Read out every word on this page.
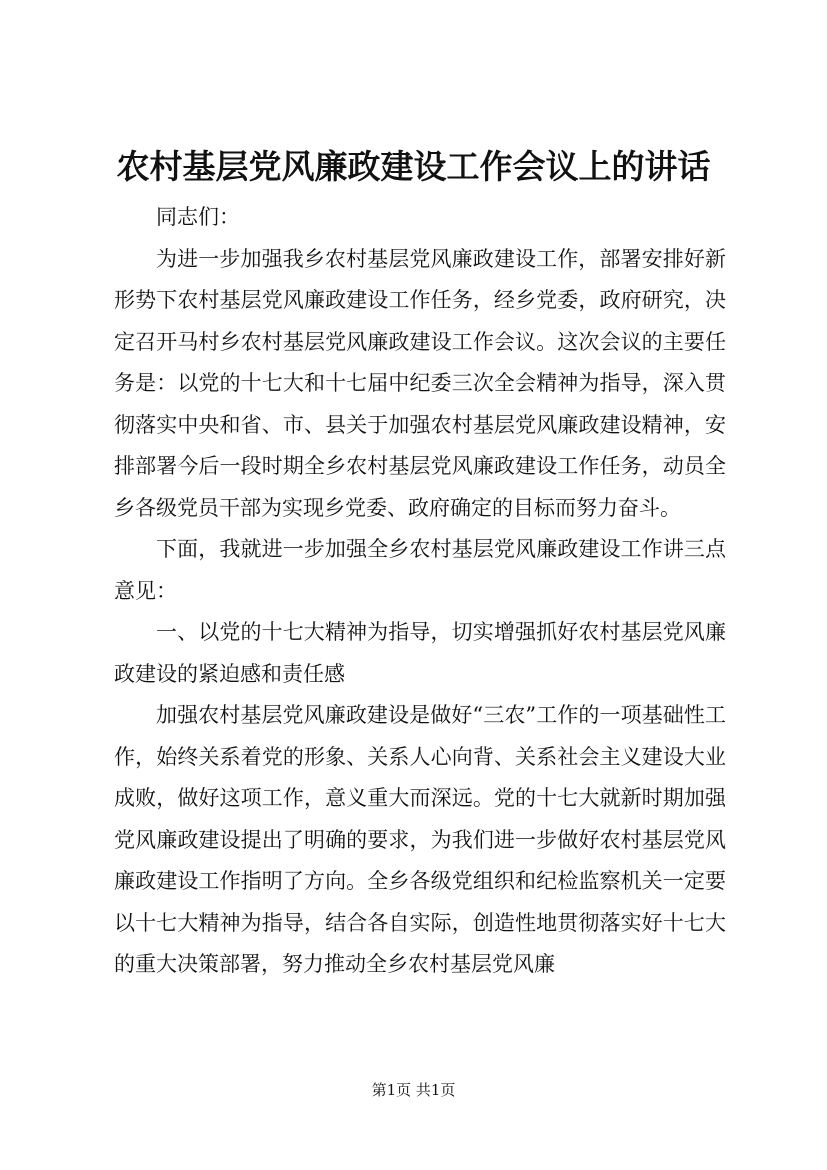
农村基层党风廉政建设工作会议上的讲话

同志们：

为进一步加强我乡农村基层党风廉政建设工作，部署安排好新形势下农村基层党风廉政建设工作任务，经乡党委，政府研究，决定召开马村乡农村基层党风廉政建设工作会议。这次会议的主要任务是：以党的十七大和十七届中纪委三次全会精神为指导，深入贯彻落实中央和省、市、县关于加强农村基层党风廉政建设精神，安排部署今后一段时期全乡农村基层党风廉政建设工作任务，动员全乡各级党员干部为实现乡党委、政府确定的目标而努力奋斗。

下面，我就进一步加强全乡农村基层党风廉政建设工作讲三点意见：

一、以党的十七大精神为指导，切实增强抓好农村基层党风廉政建设的紧迫感和责任感

加强农村基层党风廉政建设是做好“三农”工作的一项基础性工作，始终关系着党的形象、关系人心向背、关系社会主义建设大业成败，做好这项工作，意义重大而深远。党的十七大就新时期加强党风廉政建设提出了明确的要求，为我们进一步做好农村基层党风廉政建设工作指明了方向。全乡各级党组织和纪检监察机关一定要以十七大精神为指导，结合各自实际，创造性地贯彻落实好十七大的重大决策部署，努力推动全乡农村基层党风廉

第1页 共1页
